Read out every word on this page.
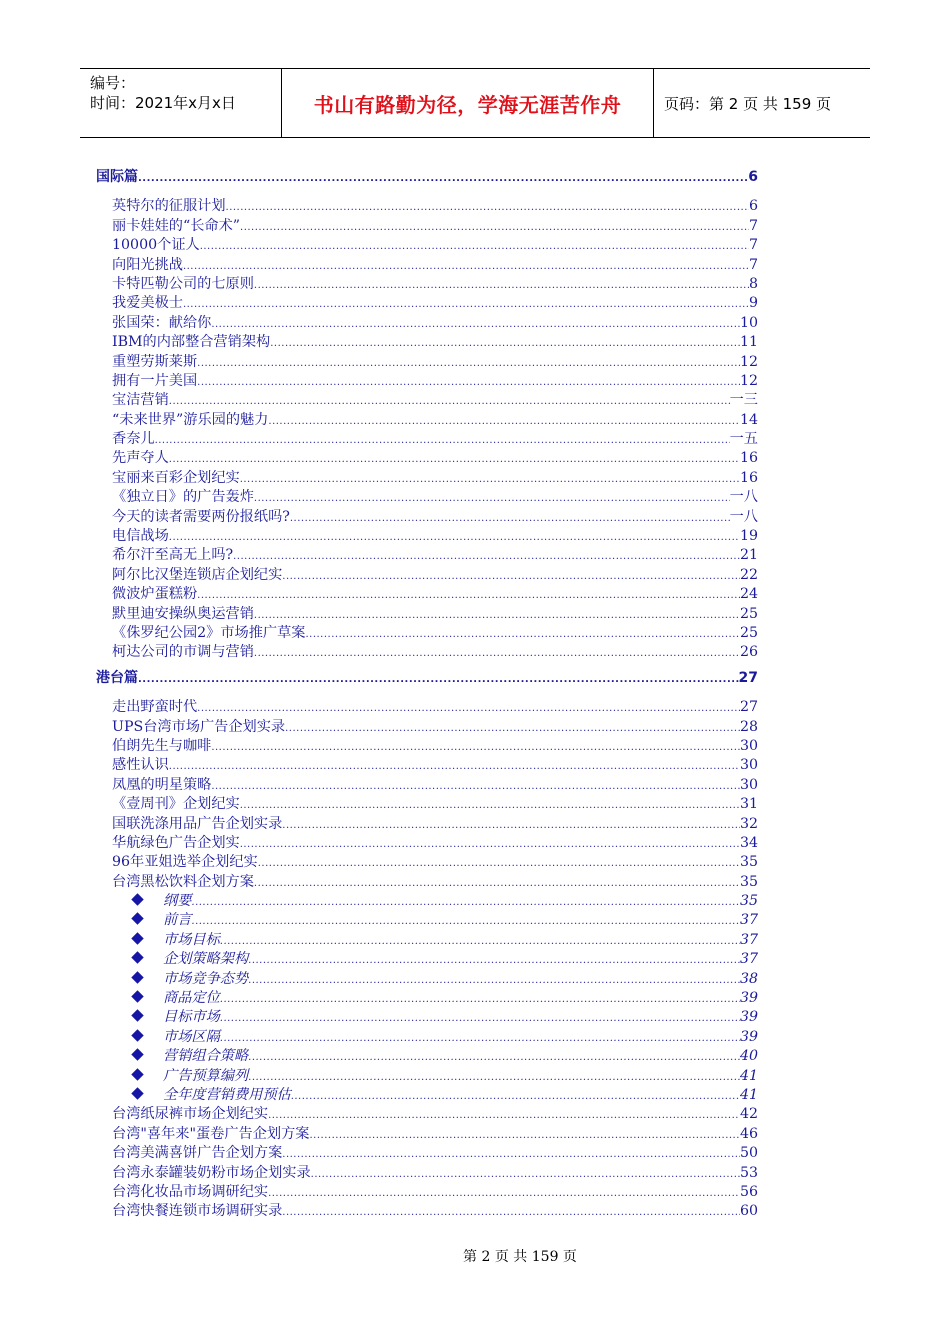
编号：
时间：2021年x月x日	书山有路勤为径，学海无涯苦作舟	页码：第 2 页 共 159 页
国际篇 .....	6
英特尔的征服计划 .....	6
丽卡娃娃的“长命术” .....	7
10000个证人 .....	7
向阳光挑战 .....	7
卡特匹勒公司的七原则 .....	8
我爱美极士 .....	9
张国荣：献给你 .....	10
IBM的内部整合营销架构 .....	11
重塑劳斯莱斯 .....	12
拥有一片美国 .....	12
宝洁营销 .....	一三
“未来世界”游乐园的魅力 .....	14
香奈儿 .....	一五
先声夺人 .....	16
宝丽来百彩企划纪实 .....	16
《独立日》的广告轰炸 .....	一八
今天的读者需要两份报纸吗? .....	一八
电信战场 .....	19
希尔汗至高无上吗? .....	21
阿尔比汉堡连锁店企划纪实 .....	22
微波炉蛋糕粉 .....	24
默里迪安操纵奥运营销 .....	25
《侏罗纪公园2》市场推广草案 .....	25
柯达公司的市调与营销 .....	26
港台篇 .....	27
走出野蛮时代 .....	27
UPS台湾市场广告企划实录 .....	28
伯朗先生与咖啡 .....	30
感性认识 .....	30
凤凰的明星策略 .....	30
《壹周刊》企划纪实 .....	31
国联洗涤用品广告企划实录 .....	32
华航绿色广告企划实 .....	34
96年亚姐选举企划纪实 .....	35
台湾黑松饮料企划方案 .....	35
纲要 .....	35
前言 .....	37
市场目标 .....	37
企划策略架构 .....	37
市场竞争态势 .....	38
商品定位 .....	39
目标市场 .....	39
市场区隔 .....	39
营销组合策略 .....	40
广告预算编列 .....	41
全年度营销费用预估 .....	41
台湾纸尿裤市场企划纪实 .....	42
台湾"喜年来"蛋卷广告企划方案 .....	46
台湾美满喜饼广告企划方案 .....	50
台湾永泰罐装奶粉市场企划实录 .....	53
台湾化妆品市场调研纪实 .....	56
台湾快餐连锁市场调研实录 .....	60
第 2 页 共 159 页
